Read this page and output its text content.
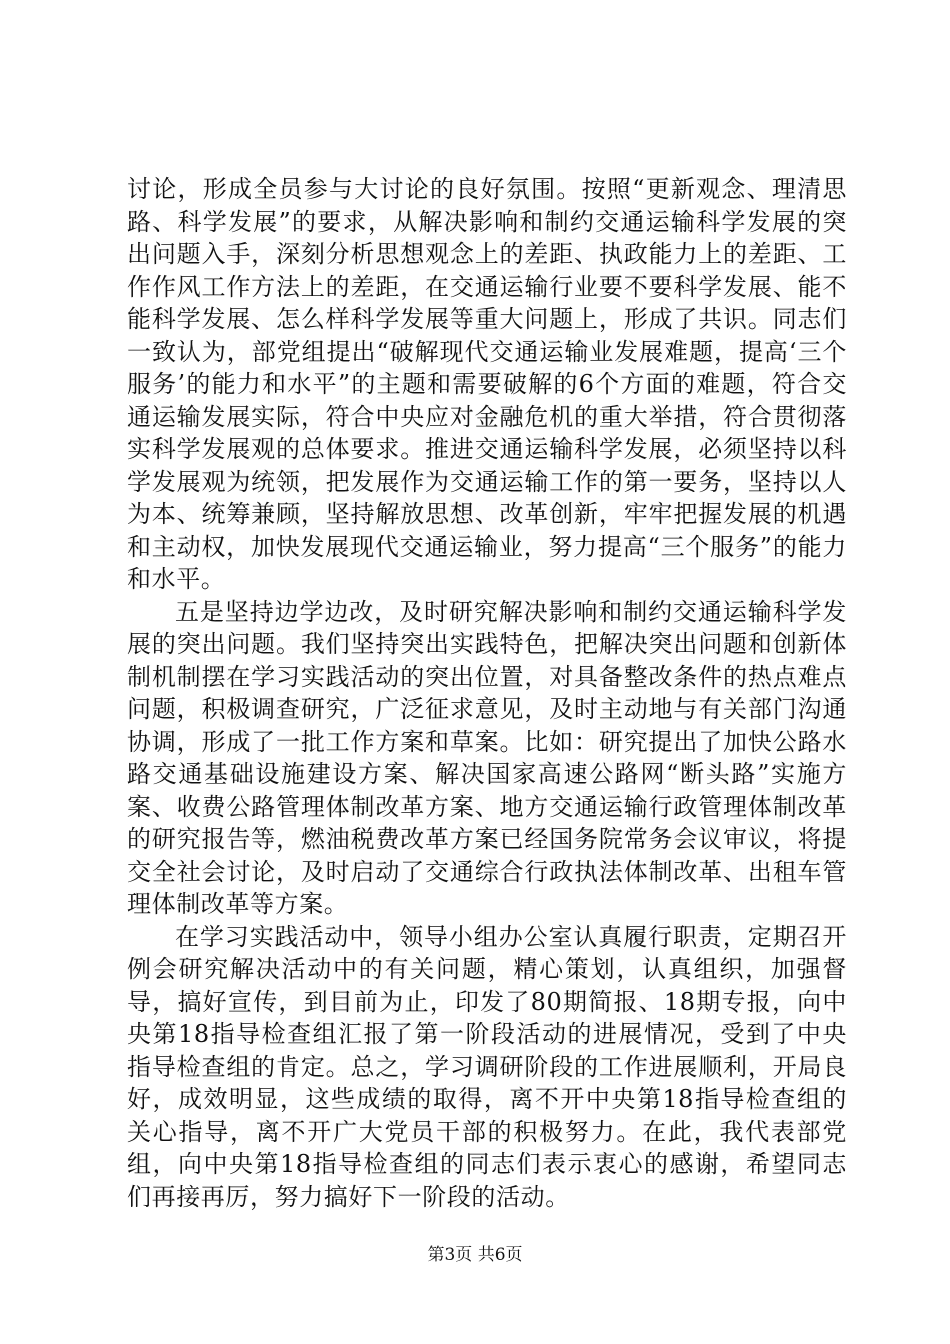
讨论，形成全员参与大讨论的良好氛围。按照“更新观念、理清思路、科学发展”的要求，从解决影响和制约交通运输科学发展的突出问题入手，深刻分析思想观念上的差距、执政能力上的差距、工作作风工作方法上的差距，在交通运输行业要不要科学发展、能不能科学发展、怎么样科学发展等重大问题上，形成了共识。同志们一致认为，部党组提出“破解现代交通运输业发展难题，提高‘三个服务’的能力和水平”的主题和需要破解的6个方面的难题，符合交通运输发展实际，符合中央应对金融危机的重大举措，符合贯彻落实科学发展观的总体要求。推进交通运输科学发展，必须坚持以科学发展观为统领，把发展作为交通运输工作的第一要务，坚持以人为本、统筹兼顾，坚持解放思想、改革创新，牢牢把握发展的机遇和主动权，加快发展现代交通运输业，努力提高“三个服务”的能力和水平。

五是坚持边学边改，及时研究解决影响和制约交通运输科学发展的突出问题。我们坚持突出实践特色，把解决突出问题和创新体制机制摆在学习实践活动的突出位置，对具备整改条件的热点难点问题，积极调查研究，广泛征求意见，及时主动地与有关部门沟通协调，形成了一批工作方案和草案。比如：研究提出了加快公路水路交通基础设施建设方案、解决国家高速公路网“断头路”实施方案、收费公路管理体制改革方案、地方交通运输行政管理体制改革的研究报告等，燃油税费改革方案已经国务院常务会议审议，将提交全社会讨论，及时启动了交通综合行政执法体制改革、出租车管理体制改革等方案。

在学习实践活动中，领导小组办公室认真履行职责，定期召开例会研究解决活动中的有关问题，精心策划，认真组织，加强督导，搞好宣传，到目前为止，印发了80期简报、18期专报，向中央第18指导检查组汇报了第一阶段活动的进展情况，受到了中央指导检查组的肯定。总之，学习调研阶段的工作进展顺利，开局良好，成效明显，这些成绩的取得，离不开中央第18指导检查组的关心指导，离不开广大党员干部的积极努力。在此，我代表部党组，向中央第18指导检查组的同志们表示衷心的感谢，希望同志们再接再厉，努力搞好下一阶段的活动。

第3页 共6页
